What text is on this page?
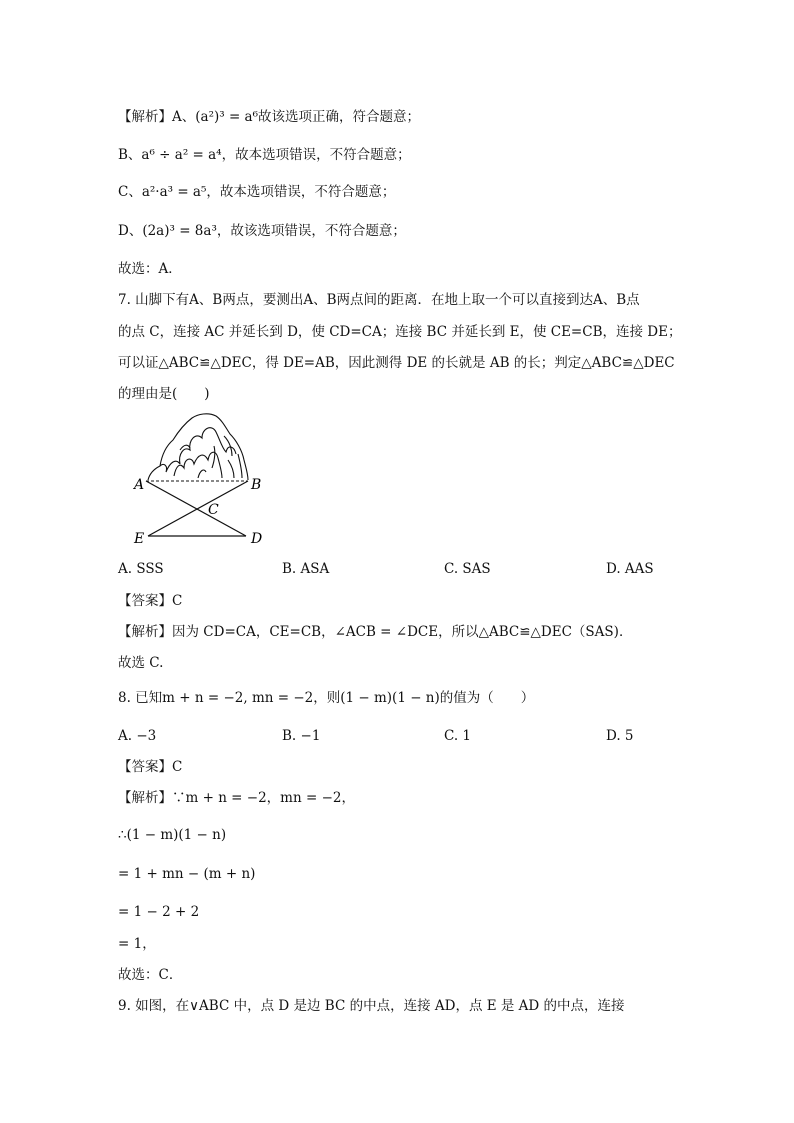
【解析】A、(a²)³ = a⁶故该选项正确，符合题意；
B、a⁶ ÷ a² = a⁴，故本选项错误，不符合题意；
C、a²·a³ = a⁵，故本选项错误，不符合题意；
D、(2a)³ = 8a³，故该选项错误，不符合题意；
故选：A．
7. 山脚下有A、B两点，要测出A、B两点间的距离．在地上取一个可以直接到达A、B点
的点 C，连接 AC 并延长到 D，使 CD=CA；连接 BC 并延长到 E，使 CE=CB，连接 DE；
可以证△ABC≌△DEC，得 DE=AB，因此测得 DE 的长就是 AB 的长；判定△ABC≌△DEC
的理由是(　　)
A	B
C
E	D
A. SSS	B. ASA	C. SAS	D. AAS
【答案】C
【解析】因为 CD=CA，CE=CB，∠ACB = ∠DCE，所以△ABC≌△DEC（SAS)．
故选 C.
8. 已知m + n = −2, mn = −2，则(1 − m)(1 − n)的值为（　　）
A. −3	B. −1	C. 1	D. 5
【答案】C
【解析】∵m + n = −2，mn = −2，
∴(1 − m)(1 − n)
= 1 + mn − (m + n)
= 1 − 2 + 2
= 1，
故选：C．
9. 如图，在∨ABC 中，点 D 是边 BC 的中点，连接 AD，点 E 是 AD 的中点，连接
